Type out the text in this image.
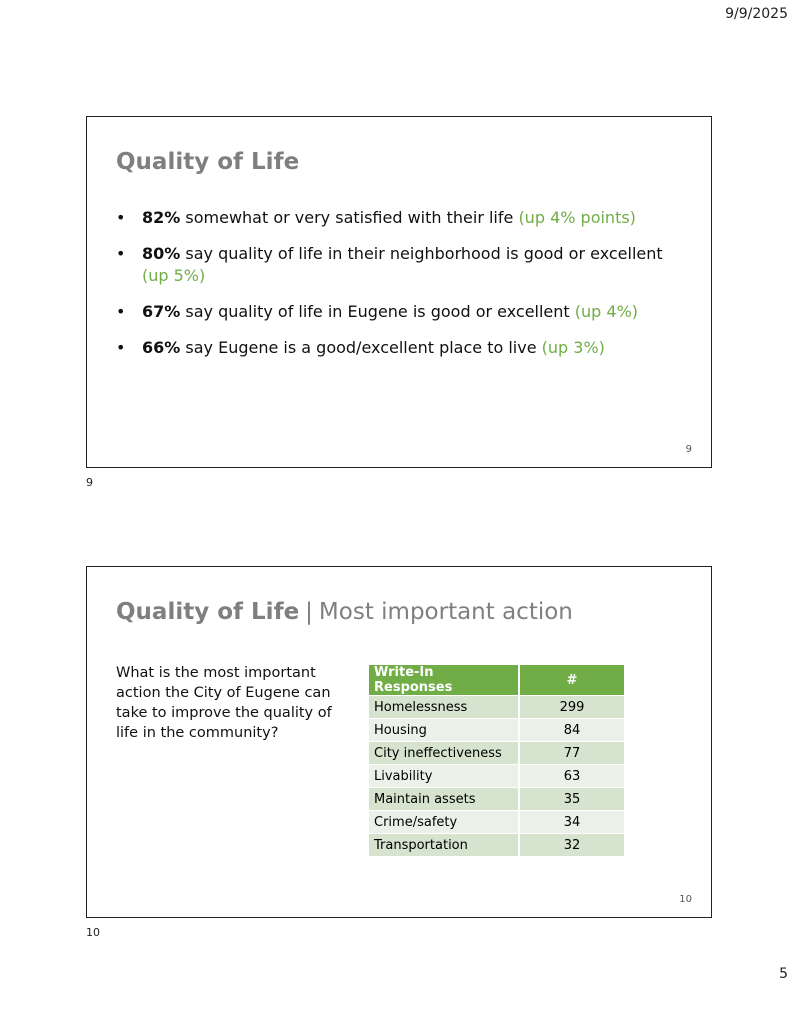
9/9/2025
Quality of Life
• 82% somewhat or very satisfied with their life (up 4% points)
• 80% say quality of life in their neighborhood is good or excellent (up 5%)
• 67% say quality of life in Eugene is good or excellent (up 4%)
• 66% say Eugene is a good/excellent place to live (up 3%)
9
9
Quality of Life | Most important action
What is the most important action the City of Eugene can take to improve the quality of life in the community?
Write-In Responses	#
Homelessness	299
Housing	84
City ineffectiveness	77
Livability	63
Maintain assets	35
Crime/safety	34
Transportation	32
10
10
5
